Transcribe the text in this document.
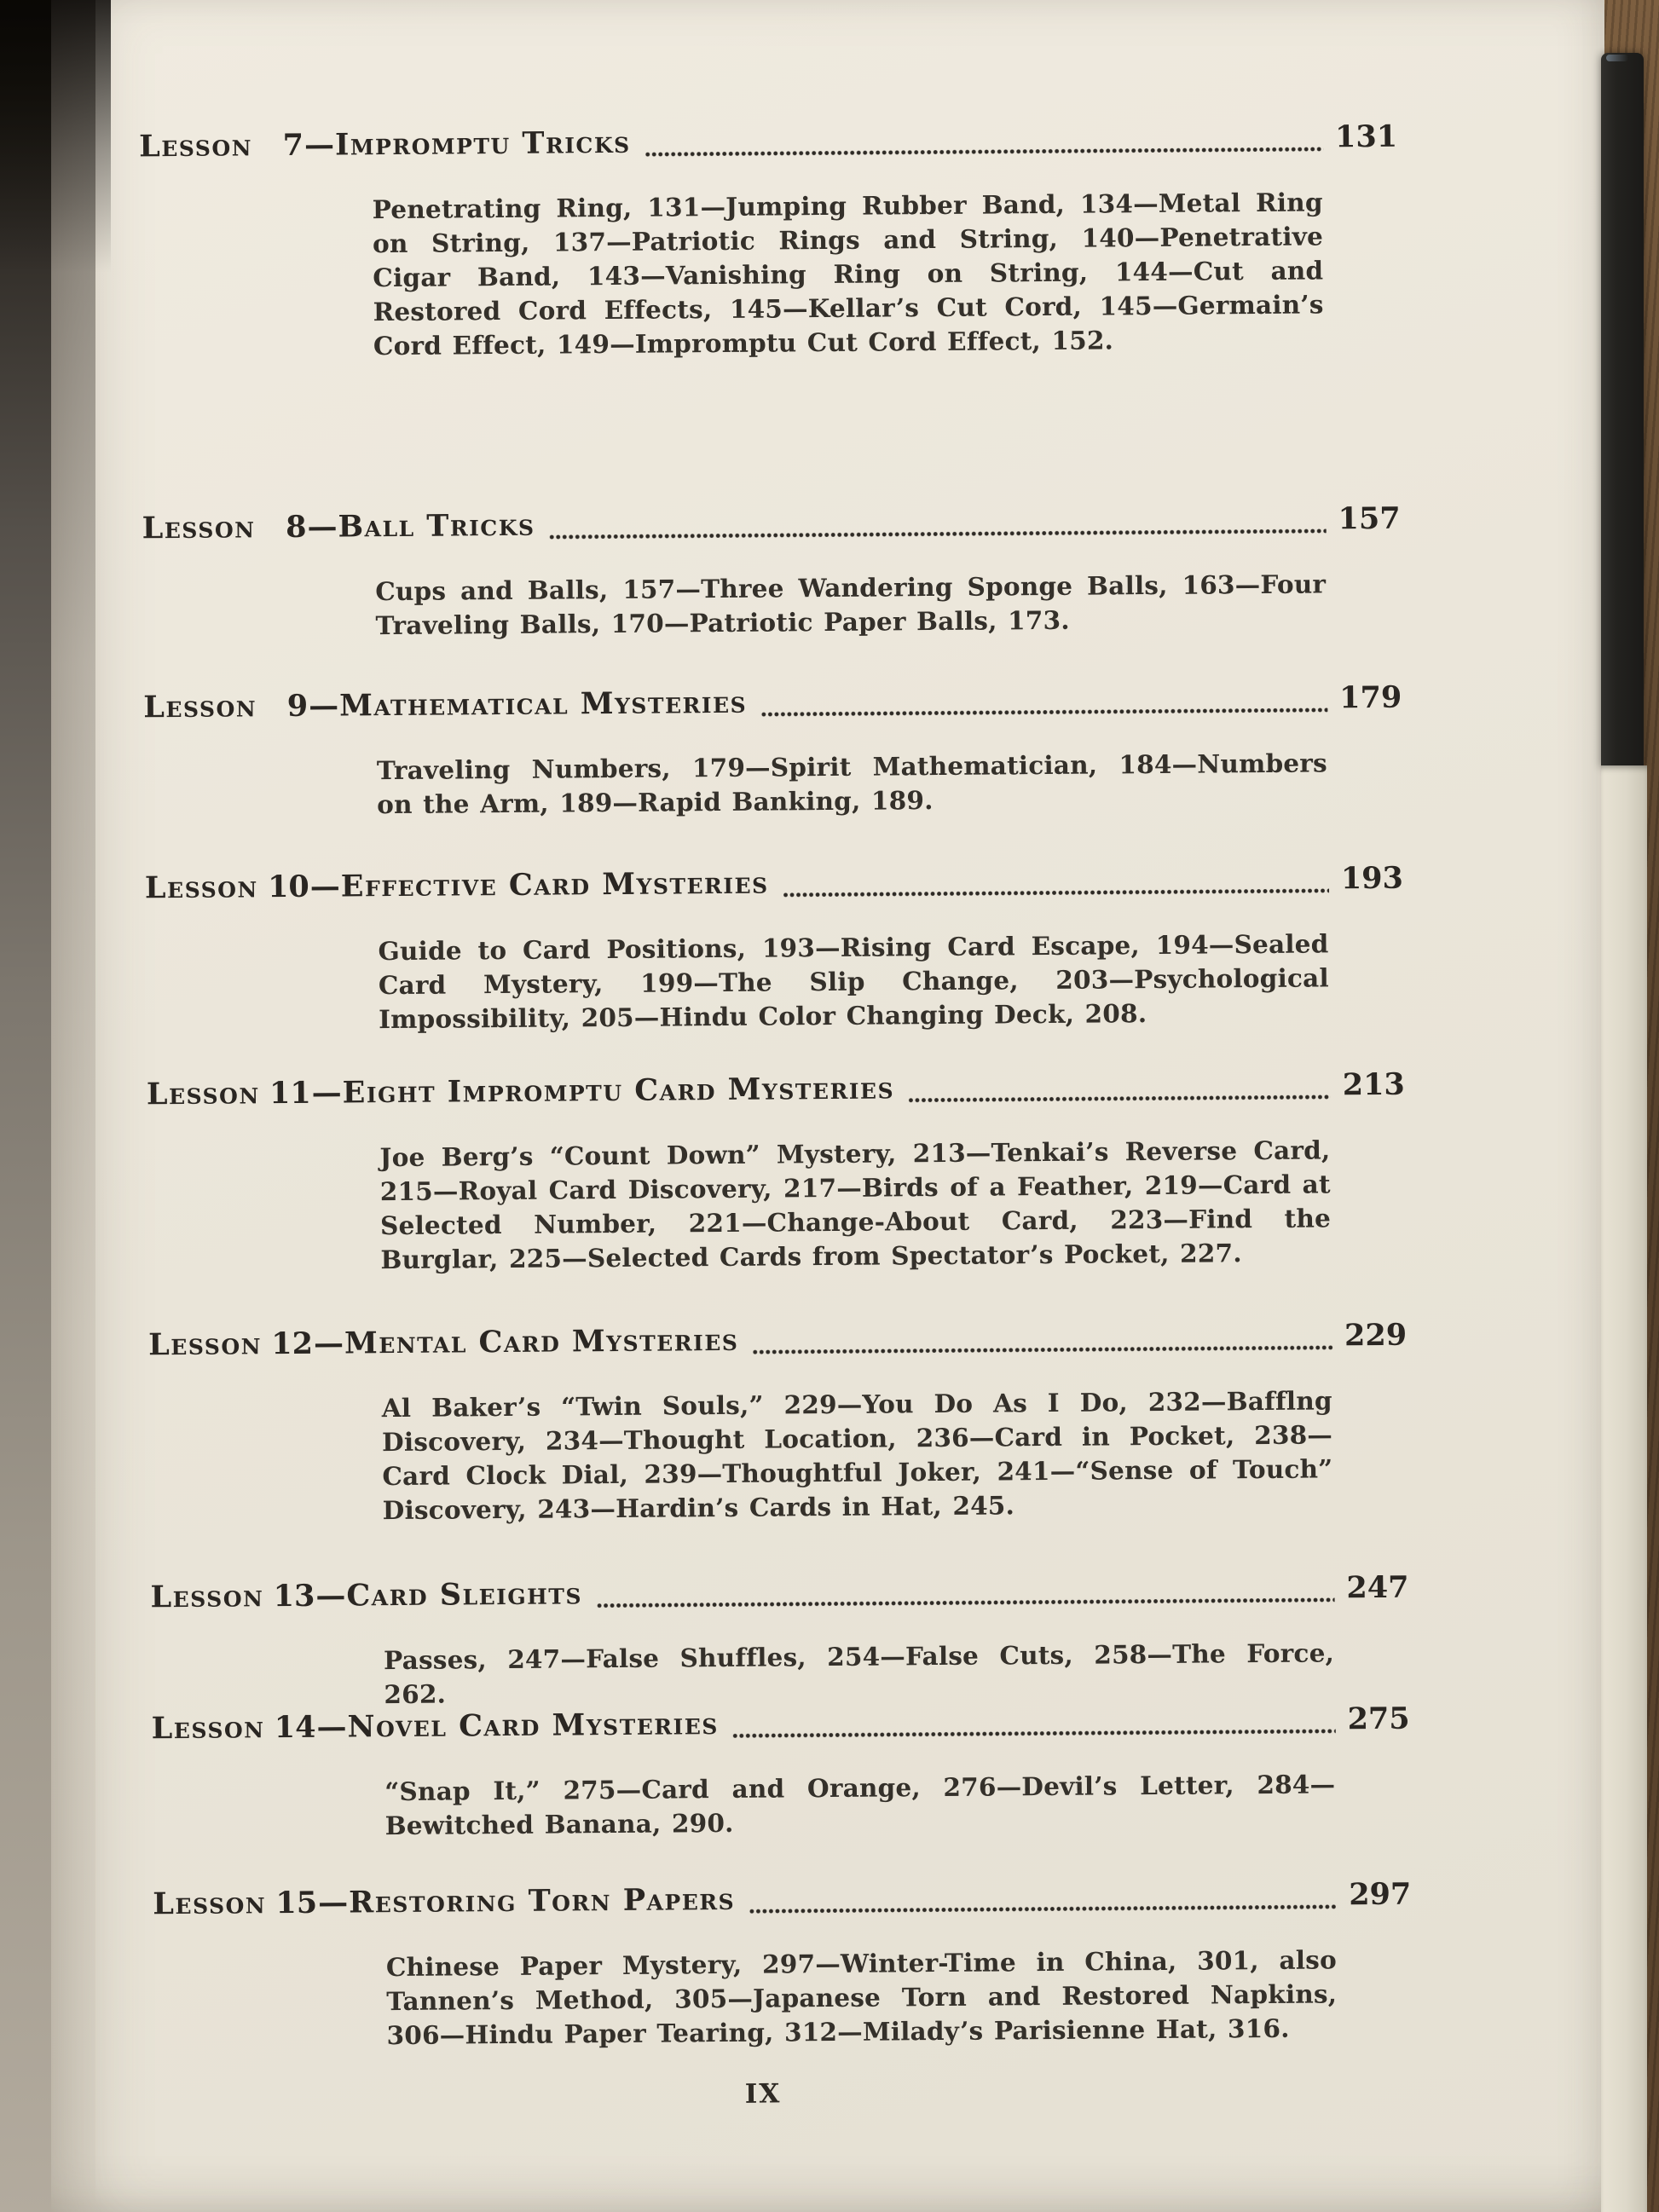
Lesson	7 — Impromptu Tricks	131
Penetrating Ring, 131—Jumping Rubber Band, 134—Metal Ring on String, 137—Patriotic Rings and String, 140—Penetrative Cigar Band, 143—Vanishing Ring on String, 144—Cut and Restored Cord Effects, 145—Kellar’s Cut Cord, 145—Germain’s Cord Effect, 149—Impromptu Cut Cord Effect, 152.
Lesson	8 — Ball Tricks	157
Cups and Balls, 157—Three Wandering Sponge Balls, 163—Four Traveling Balls, 170—Patriotic Paper Balls, 173.
Lesson	9 — Mathematical Mysteries	179
Traveling Numbers, 179—Spirit Mathematician, 184—Numbers on the Arm, 189—Rapid Banking, 189.
Lesson 10 — Effective Card Mysteries	193
Guide to Card Positions, 193—Rising Card Escape, 194—Sealed Card Mystery, 199—The Slip Change, 203—Psychological Impossibility, 205—Hindu Color Changing Deck, 208.
Lesson 11 — Eight Impromptu Card Mysteries	213
Joe Berg’s “Count Down” Mystery, 213—Tenkai’s Reverse Card, 215—Royal Card Discovery, 217—Birds of a Feather, 219—Card at Selected Number, 221—Change-About Card, 223—Find the Burglar, 225—Selected Cards from Spectator’s Pocket, 227.
Lesson 12 — Mental Card Mysteries	229
Al Baker’s “Twin Souls,” 229—You Do As I Do, 232—Bafflng Discovery, 234—Thought Location, 236—Card in Pocket, 238—Card Clock Dial, 239—Thoughtful Joker, 241—“Sense of Touch” Discovery, 243—Hardin’s Cards in Hat, 245.
Lesson 13 — Card Sleights	247
Passes, 247—False Shuffles, 254—False Cuts, 258—The Force, 262.
Lesson 14 — Novel Card Mysteries	275
“Snap It,” 275—Card and Orange, 276—Devil’s Letter, 284—Bewitched Banana, 290.
Lesson 15 — Restoring Torn Papers	297
Chinese Paper Mystery, 297—Winter-Time in China, 301, also Tannen’s Method, 305—Japanese Torn and Restored Napkins, 306—Hindu Paper Tearing, 312—Milady’s Parisienne Hat, 316.
IX
